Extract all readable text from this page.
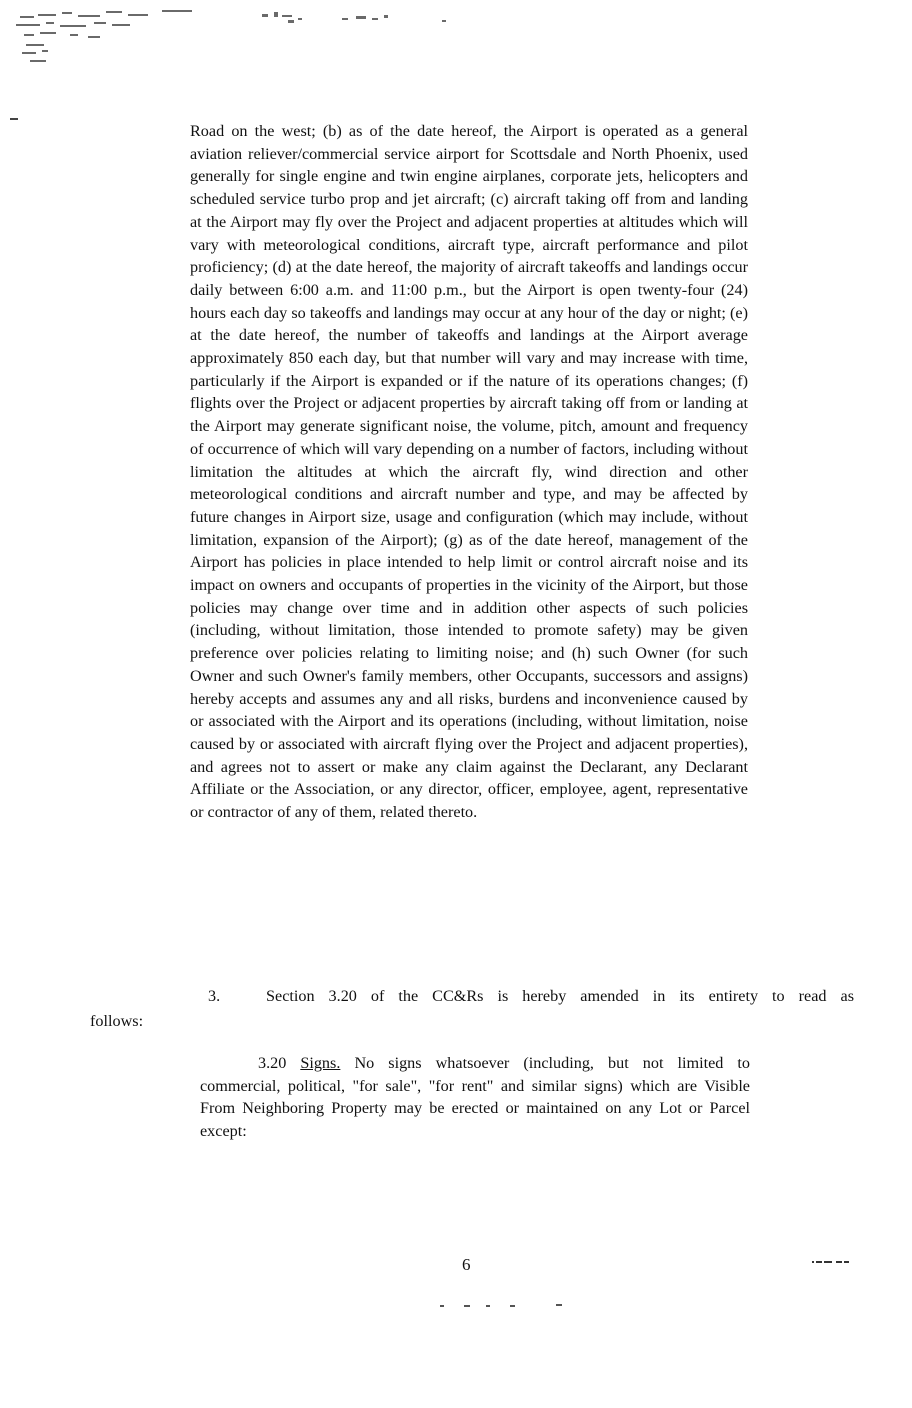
Road on the west; (b) as of the date hereof, the Airport is operated as a general aviation reliever/commercial service airport for Scottsdale and North Phoenix, used generally for single engine and twin engine airplanes, corporate jets, helicopters and scheduled service turbo prop and jet aircraft; (c) aircraft taking off from and landing at the Airport may fly over the Project and adjacent properties at altitudes which will vary with meteorological conditions, aircraft type, aircraft performance and pilot proficiency; (d) at the date hereof, the majority of aircraft takeoffs and landings occur daily between 6:00 a.m. and 11:00 p.m., but the Airport is open twenty-four (24) hours each day so takeoffs and landings may occur at any hour of the day or night; (e) at the date hereof, the number of takeoffs and landings at the Airport average approximately 850 each day, but that number will vary and may increase with time, particularly if the Airport is expanded or if the nature of its operations changes; (f) flights over the Project or adjacent properties by aircraft taking off from or landing at the Airport may generate significant noise, the volume, pitch, amount and frequency of occurrence of which will vary depending on a number of factors, including without limitation the altitudes at which the aircraft fly, wind direction and other meteorological conditions and aircraft number and type, and may be affected by future changes in Airport size, usage and configuration (which may include, without limitation, expansion of the Airport); (g) as of the date hereof, management of the Airport has policies in place intended to help limit or control aircraft noise and its impact on owners and occupants of properties in the vicinity of the Airport, but those policies may change over time and in addition other aspects of such policies (including, without limitation, those intended to promote safety) may be given preference over policies relating to limiting noise; and (h) such Owner (for such Owner and such Owner's family members, other Occupants, successors and assigns) hereby accepts and assumes any and all risks, burdens and inconvenience caused by or associated with the Airport and its operations (including, without limitation, noise caused by or associated with aircraft flying over the Project and adjacent properties), and agrees not to assert or make any claim against the Declarant, any Declarant Affiliate or the Association, or any director, officer, employee, agent, representative or contractor of any of them, related thereto.

3.	Section 3.20 of the CC&Rs is hereby amended in its entirety to read as

follows:

3.20 Signs. No signs whatsoever (including, but not limited to commercial, political, "for sale", "for rent" and similar signs) which are Visible From Neighboring Property may be erected or maintained on any Lot or Parcel except:

6
